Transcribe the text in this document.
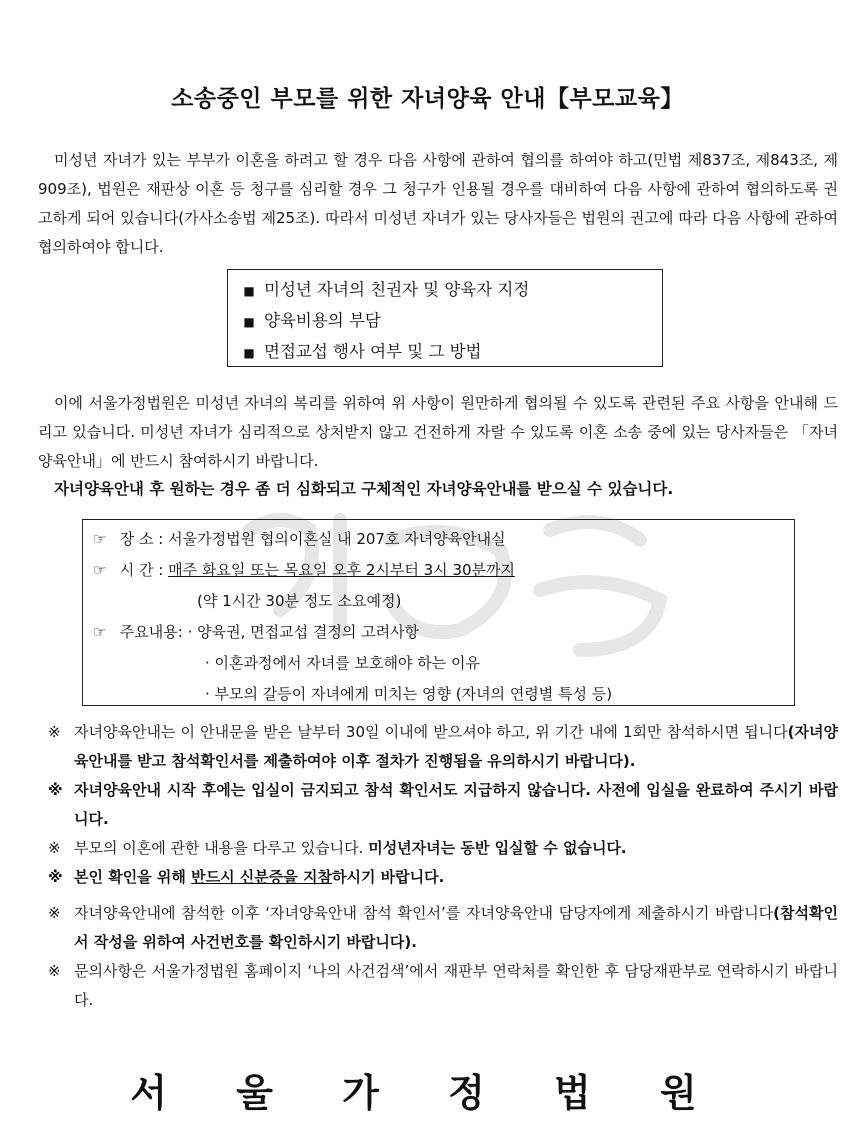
소송중인 부모를 위한 자녀양육 안내【부모교육】

미성년 자녀가 있는 부부가 이혼을 하려고 할 경우 다음 사항에 관하여 협의를 하여야 하고(민법 제837조, 제843조, 제909조), 법원은 재판상 이혼 등 청구를 심리할 경우 그 청구가 인용될 경우를 대비하여 다음 사항에 관하여 협의하도록 권고하게 되어 있습니다(가사소송법 제25조). 따라서 미성년 자녀가 있는 당사자들은 법원의 권고에 따라 다음 사항에 관하여 협의하여야 합니다.

■ 미성년 자녀의 친권자 및 양육자 지정
■ 양육비용의 부담
■ 면접교섭 행사 여부 및 그 방법

이에 서울가정법원은 미성년 자녀의 복리를 위하여 위 사항이 원만하게 협의될 수 있도록 관련된 주요 사항을 안내해 드리고 있습니다. 미성년 자녀가 심리적으로 상처받지 않고 건전하게 자랄 수 있도록 이혼 소송 중에 있는 당사자들은 「자녀양육안내」에 반드시 참여하시기 바랍니다.

자녀양육안내 후 원하는 경우 좀 더 심화되고 구체적인 자녀양육안내를 받으실 수 있습니다.
☞ 장 소 : 서울가정법원 협의이혼실 내 207호 자녀양육안내실
☞ 시 간 : 매주 화요일 또는 목요일 오후 2시부터 3시 30분까지
(약 1시간 30분 정도 소요예정)
☞ 주요내용: · 양육권, 면접교섭 결정의 고려사항
· 이혼과정에서 자녀를 보호해야 하는 이유
· 부모의 갈등이 자녀에게 미치는 영향 (자녀의 연령별 특성 등)
※ 자녀양육안내는 이 안내문을 받은 날부터 30일 이내에 받으셔야 하고, 위 기간 내에 1회만 참석하시면 됩니다(자녀양육안내를 받고 참석확인서를 제출하여야 이후 절차가 진행됨을 유의하시기 바랍니다).
※ 자녀양육안내 시작 후에는 입실이 금지되고 참석 확인서도 지급하지 않습니다. 사전에 입실을 완료하여 주시기 바랍니다.
※ 부모의 이혼에 관한 내용을 다루고 있습니다. 미성년자녀는 동반 입실할 수 없습니다.
※ 본인 확인을 위해 반드시 신분증을 지참하시기 바랍니다.
※ 자녀양육안내에 참석한 이후 ‘자녀양육안내 참석 확인서’를 자녀양육안내 담당자에게 제출하시기 바랍니다(참석확인서 작성을 위하여 사건번호를 확인하시기 바랍니다).
※ 문의사항은 서울가정법원 홈페이지 ‘나의 사건검색’에서 재판부 연락처를 확인한 후 담당재판부로 연락하시기 바랍니다.
서 울 가 정 법 원
